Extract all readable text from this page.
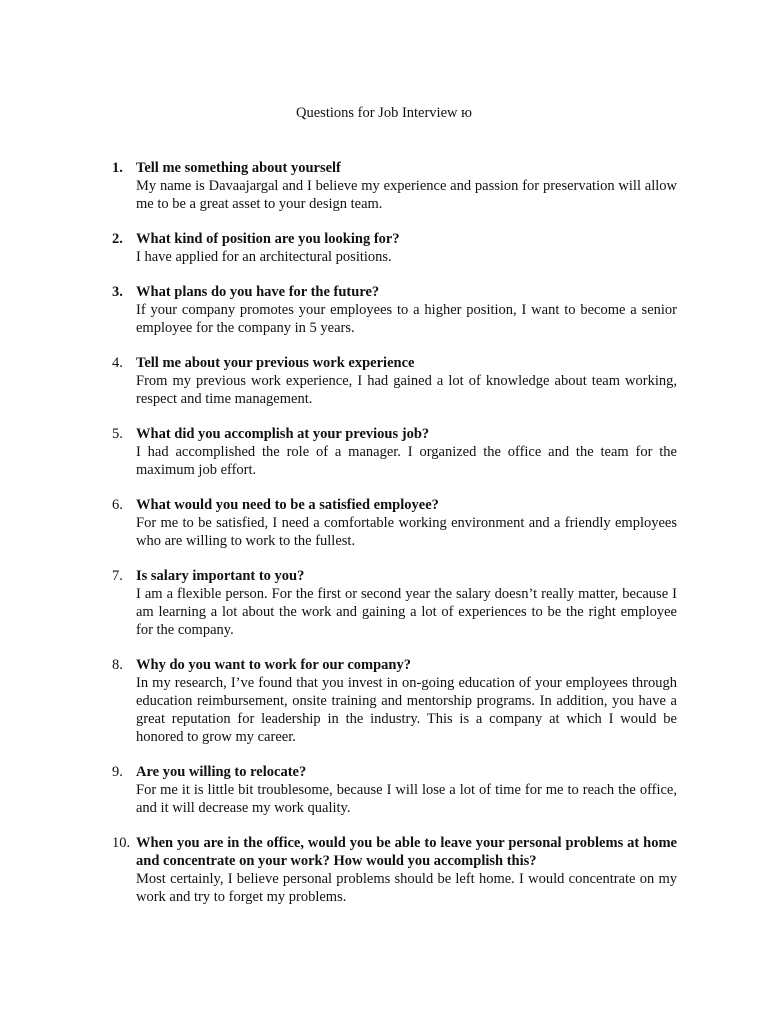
Questions for Job Interview ю
1. Tell me something about yourself
My name is Davaajargal and I believe my experience and passion for preservation will allow me to be a great asset to your design team.
2. What kind of position are you looking for?
I have applied for an architectural positions.
3. What plans do you have for the future?
If your company promotes your employees to a higher position, I want to become a senior employee for the company in 5 years.
4. Tell me about your previous work experience
From my previous work experience, I had gained a lot of knowledge about team working, respect and time management.
5. What did you accomplish at your previous job?
I had accomplished the role of a manager. I organized the office and the team for the maximum job effort.
6. What would you need to be a satisfied employee?
For me to be satisfied, I need a comfortable working environment and a friendly employees who are willing to work to the fullest.
7. Is salary important to you?
I am a flexible person. For the first or second year the salary doesn’t really matter, because I am learning a lot about the work and gaining a lot of experiences to be the right employee for the company.
8. Why do you want to work for our company?
In my research, I’ve found that you invest in on-going education of your employees through education reimbursement, onsite training and mentorship programs. In addition, you have a great reputation for leadership in the industry. This is a company at which I would be honored to grow my career.
9. Are you willing to relocate?
For me it is little bit troublesome, because I will lose a lot of time for me to reach the office, and it will decrease my work quality.
10. When you are in the office, would you be able to leave your personal problems at home and concentrate on your work? How would you accomplish this?
Most certainly, I believe personal problems should be left home. I would concentrate on my work and try to forget my problems.
